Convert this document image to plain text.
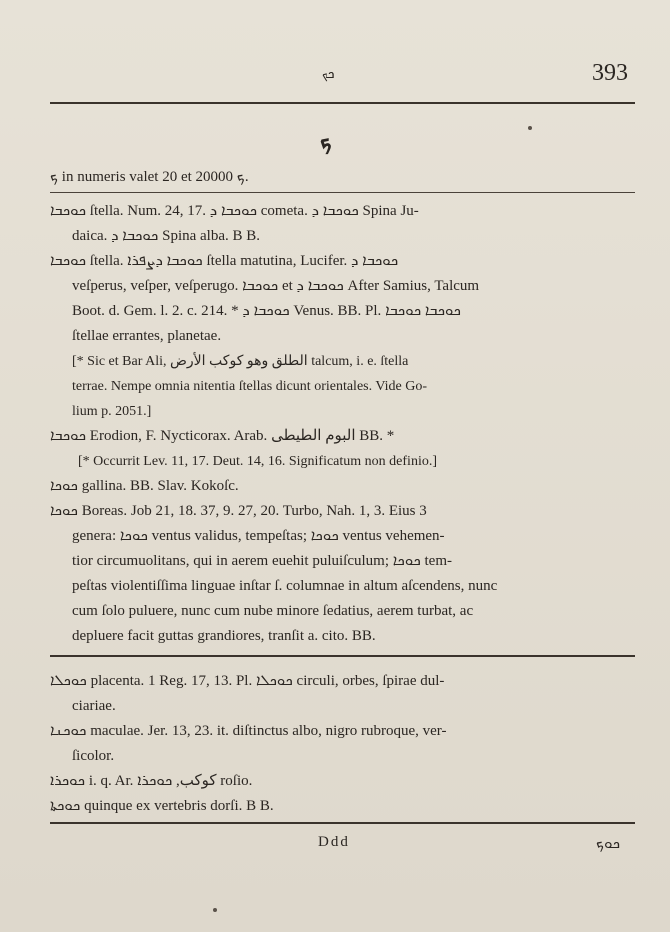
ܟܟ	393
ܟ
ܟ in numeris valet 20 et ܟ 20000.
ܟܘܟܒܐ ſtella. Num. 24, 17. ܟܘܟܒܐ ܕ cometa. ܟܘܟܒܐ ܕ Spina Ju-
daica. ܟܘܟܒܐ ܕ Spina alba. B B.
ܟܘܟܒܐ ſtella. ܟܘܟܒܐ ܕܨܦܪܐ ſtella matutina, Lucifer. ܟܘܟܒܐ ܕ
veſperus, veſper, veſperugo. ܟܘܟܒܐ et ܟܘܟܒܐ ܕ After Samius, Talcum
Boot. d. Gem. l. 2. c. 214. * ܟܘܟܒܐ ܕ Venus. BB. Pl. ܟܘܟܒܐ ܟܘܟܒܐ
ſtellae errantes, planetae.
[* Sic et Bar Ali, الطلق وهو كوكب الأرض talcum, i. e. ſtella
terrae. Nempe omnia nitentia ſtellas dicunt orientales. Vide Go-
lium p. 2051.]
ܟܘܟܒܐ Erodion, F. Nycticorax. Arab. البوم الطيطى BB. *
[* Occurrit Lev. 11, 17. Deut. 14, 16. Significatum non definio.]
ܟܘܟܐ gallina. BB. Slav. Kokoſc.
ܟܘܟܐ Boreas. Job 21, 18. 37, 9. 27, 20. Turbo, Nah. 1, 3. Eius 3
genera: ܟܘܟܐ ventus validus, tempeſtas; ܟܘܟܐ ventus vehemen-
tior circumuolitans, qui in aerem euehit puluiſculum; ܟܘܟܐ tem-
peſtas violentiſſima linguae inſtar ſ. columnae in altum aſcendens, nunc
cum ſolo puluere, nunc cum nube minore ſedatius, aerem turbat, ac
depluere facit guttas grandiores, tranſit a. cito. BB.
ܟܘܟܠܐ placenta. 1 Reg. 17, 13. Pl. ܟܘܟܠܐ circuli, orbes, ſpirae dul-
ciariae.
ܟܘܟܢܐ maculae. Jer. 13, 23. it. diſtinctus albo, nigro rubroque, ver-
ſicolor.
ܟܘܟܪܐ i. q. Ar. كوكب, ܟܘܟܪܐ roſio.
ܟܘܟܬܐ quinque ex vertebris dorſi. B B.
Ddd	ܟܘܟ
